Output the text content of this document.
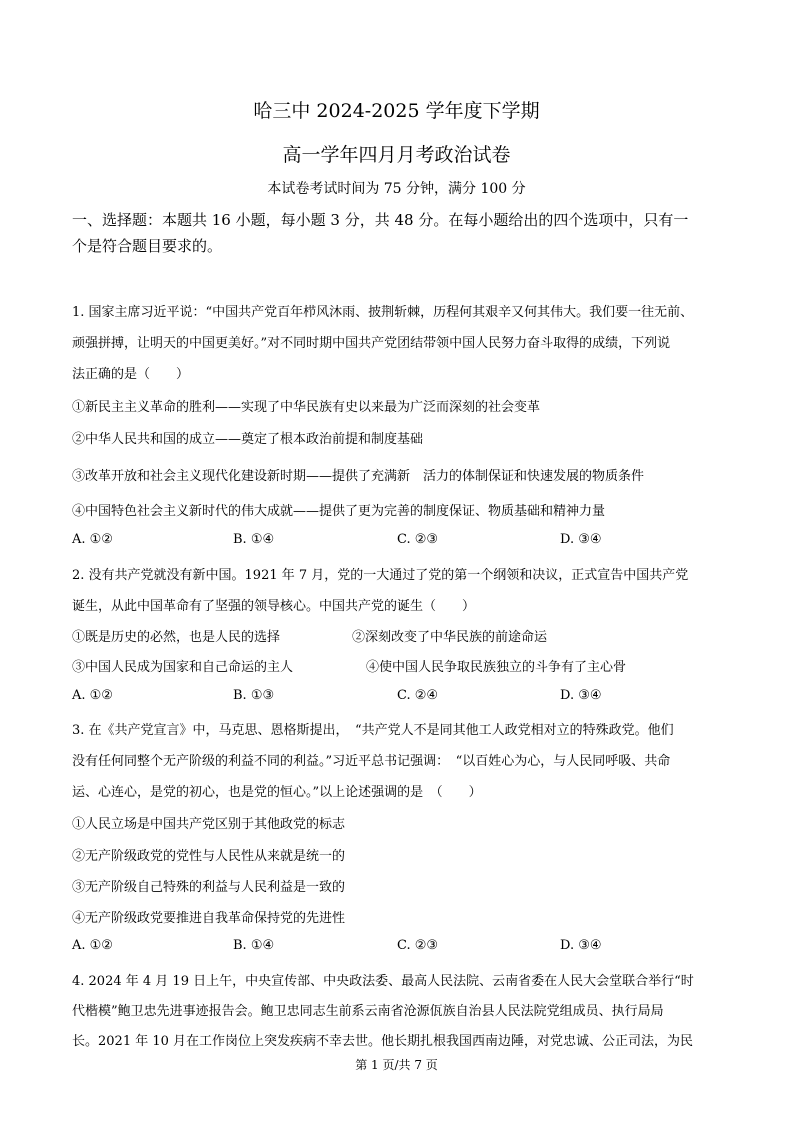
哈三中 2024-2025 学年度下学期
高一学年四月月考政治试卷
本试卷考试时间为 75 分钟，满分 100 分
一、选择题：本题共 16 小题，每小题 3 分，共 48 分。在每小题给出的四个选项中，只有一
个是符合题目要求的。
1. 国家主席习近平说：“中国共产党百年栉风沐雨、披荆斩棘，历程何其艰辛又何其伟大。我们要一往无前、
顽强拼搏，让明天的中国更美好。”对不同时期中国共产党团结带领中国人民努力奋斗取得的成绩，下列说
法正确的是（　　）
①新民主主义革命的胜利——实现了中华民族有史以来最为广泛而深刻的社会变革
②中华人民共和国的成立——奠定了根本政治前提和制度基础
③改革开放和社会主义现代化建设新时期——提供了充满新　活力的体制保证和快速发展的物质条件
④中国特色社会主义新时代的伟大成就——提供了更为完善的制度保证、物质基础和精神力量
A. ①②	B. ①④	C. ②③	D. ③④
2. 没有共产党就没有新中国。1921 年 7 月，党的一大通过了党的第一个纲领和决议，正式宣告中国共产党
诞生，从此中国革命有了坚强的领导核心。中国共产党的诞生（　　）
①既是历史的必然，也是人民的选择	②深刻改变了中华民族的前途命运
③中国人民成为国家和自己命运的主人	④使中国人民争取民族独立的斗争有了主心骨
A. ①②	B. ①③	C. ②④	D. ③④
3. 在《共产党宣言》中，马克思、恩格斯提出，　“共产党人不是同其他工人政党相对立的特殊政党。他们
没有任何同整个无产阶级的利益不同的利益。”习近平总书记强调：　“以百姓心为心，与人民同呼吸、共命
运、心连心，是党的初心，也是党的恒心。”以上论述强调的是　（　　）
①人民立场是中国共产党区别于其他政党的标志
②无产阶级政党的党性与人民性从来就是统一的
③无产阶级自己特殊的利益与人民利益是一致的
④无产阶级政党要推进自我革命保持党的先进性
A. ①②	B. ①④	C. ②③	D. ③④
4. 2024 年 4 月 19 日上午，中央宣传部、中央政法委、最高人民法院、云南省委在人民大会堂联合举行“时
代楷模”鲍卫忠先进事迹报告会。鲍卫忠同志生前系云南省沧源佤族自治县人民法院党组成员、执行局局
长。2021 年 10 月在工作岗位上突发疾病不幸去世。他长期扎根我国西南边陲，对党忠诚、公正司法，为民
第 1 页/共 7 页
